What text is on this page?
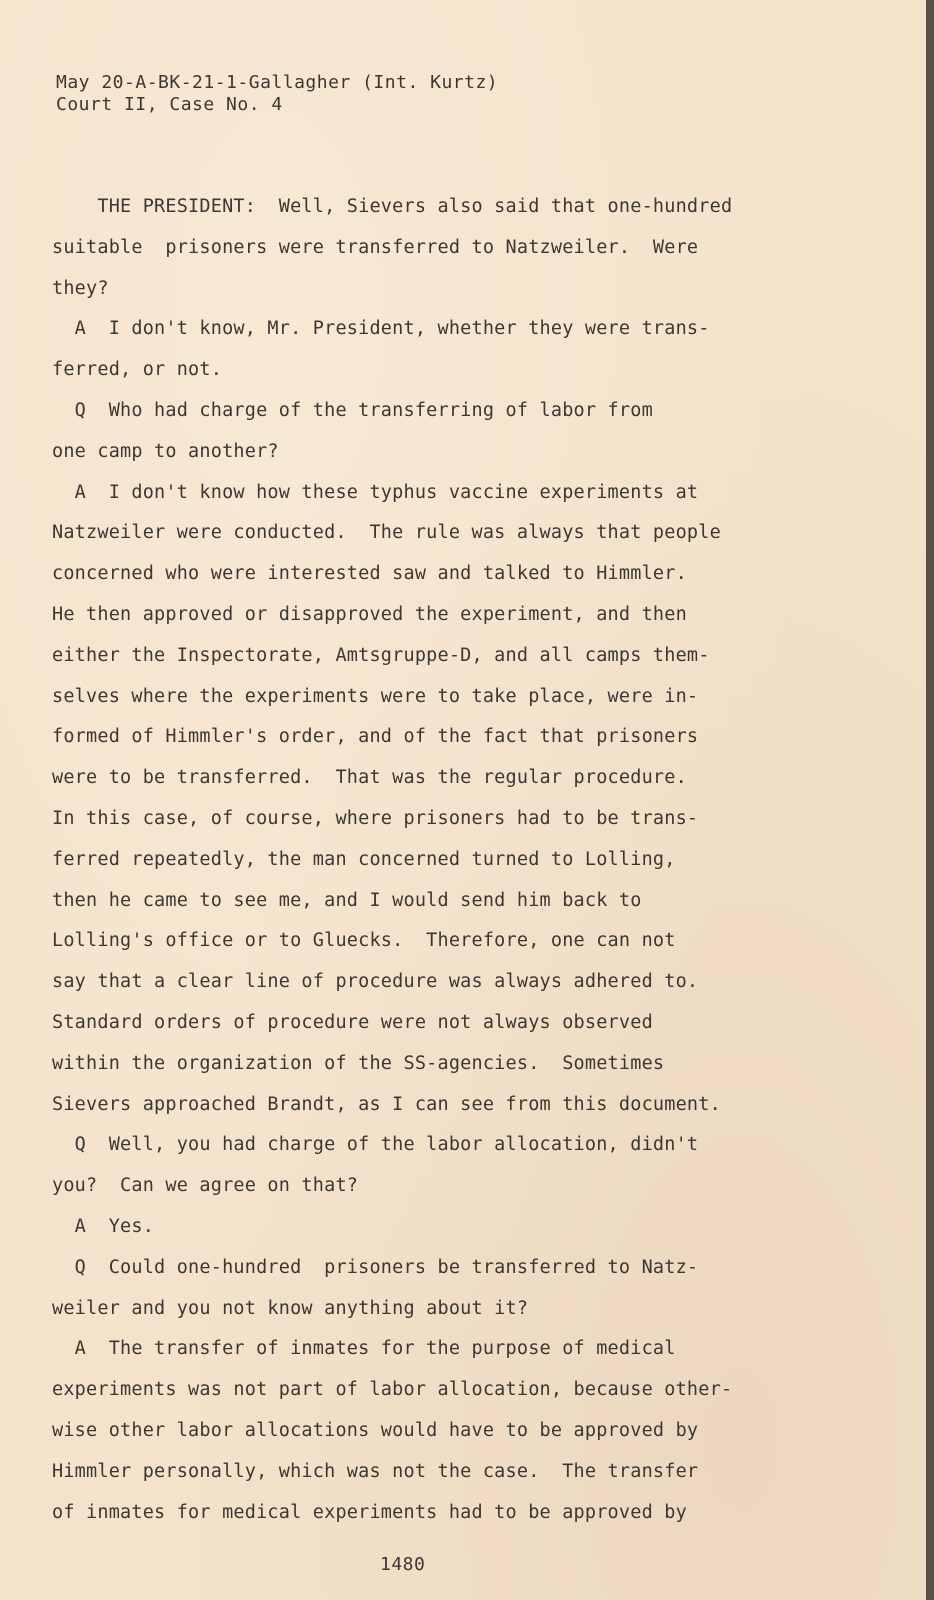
May 20-A-BK-21-1-Gallagher (Int. Kurtz)
Court II, Case No. 4
THE PRESIDENT:  Well, Sievers also said that one-hundred
suitable  prisoners were transferred to Natzweiler.  Were
they?
A  I don't know, Mr. President, whether they were trans-
ferred, or not.
Q  Who had charge of the transferring of labor from
one camp to another?
A  I don't know how these typhus vaccine experiments at
Natzweiler were conducted.  The rule was always that people
concerned who were interested saw and talked to Himmler.
He then approved or disapproved the experiment, and then
either the Inspectorate, Amtsgruppe-D, and all camps them-
selves where the experiments were to take place, were in-
formed of Himmler's order, and of the fact that prisoners
were to be transferred.  That was the regular procedure.
In this case, of course, where prisoners had to be trans-
ferred repeatedly, the man concerned turned to Lolling,
then he came to see me, and I would send him back to
Lolling's office or to Gluecks.  Therefore, one can not
say that a clear line of procedure was always adhered to.
Standard orders of procedure were not always observed
within the organization of the SS-agencies.  Sometimes
Sievers approached Brandt, as I can see from this document.
Q  Well, you had charge of the labor allocation, didn't
you?  Can we agree on that?
A  Yes.
Q  Could one-hundred  prisoners be transferred to Natz-
weiler and you not know anything about it?
A  The transfer of inmates for the purpose of medical
experiments was not part of labor allocation, because other-
wise other labor allocations would have to be approved by
Himmler personally, which was not the case.  The transfer
of inmates for medical experiments had to be approved by
1480
